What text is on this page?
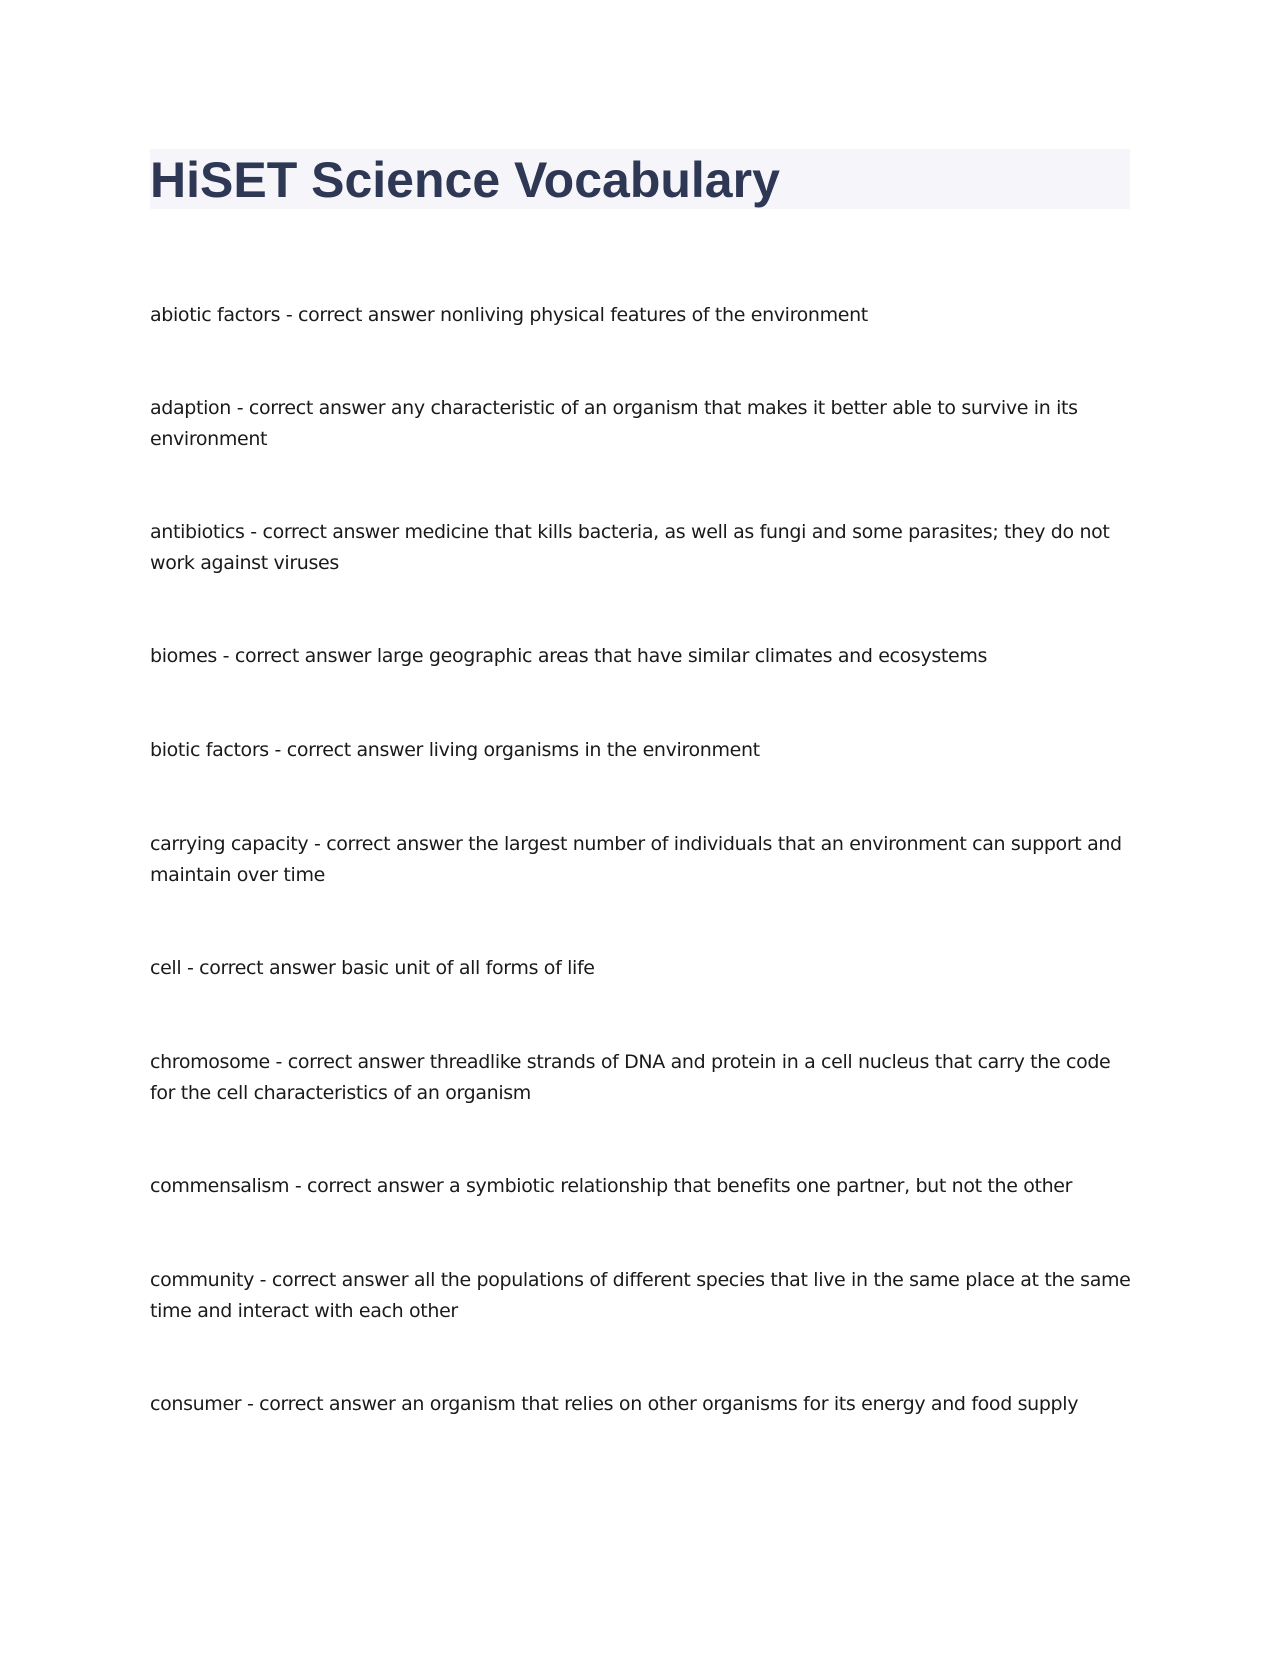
HiSET Science Vocabulary

abiotic factors - correct answer nonliving physical features of the environment

adaption - correct answer any characteristic of an organism that makes it better able to survive in its environment

antibiotics - correct answer medicine that kills bacteria, as well as fungi and some parasites; they do not work against viruses

biomes - correct answer large geographic areas that have similar climates and ecosystems

biotic factors - correct answer living organisms in the environment

carrying capacity - correct answer the largest number of individuals that an environment can support and maintain over time

cell - correct answer basic unit of all forms of life

chromosome - correct answer threadlike strands of DNA and protein in a cell nucleus that carry the code for the cell characteristics of an organism

commensalism - correct answer a symbiotic relationship that benefits one partner, but not the other

community - correct answer all the populations of different species that live in the same place at the same time and interact with each other

consumer - correct answer an organism that relies on other organisms for its energy and food supply
